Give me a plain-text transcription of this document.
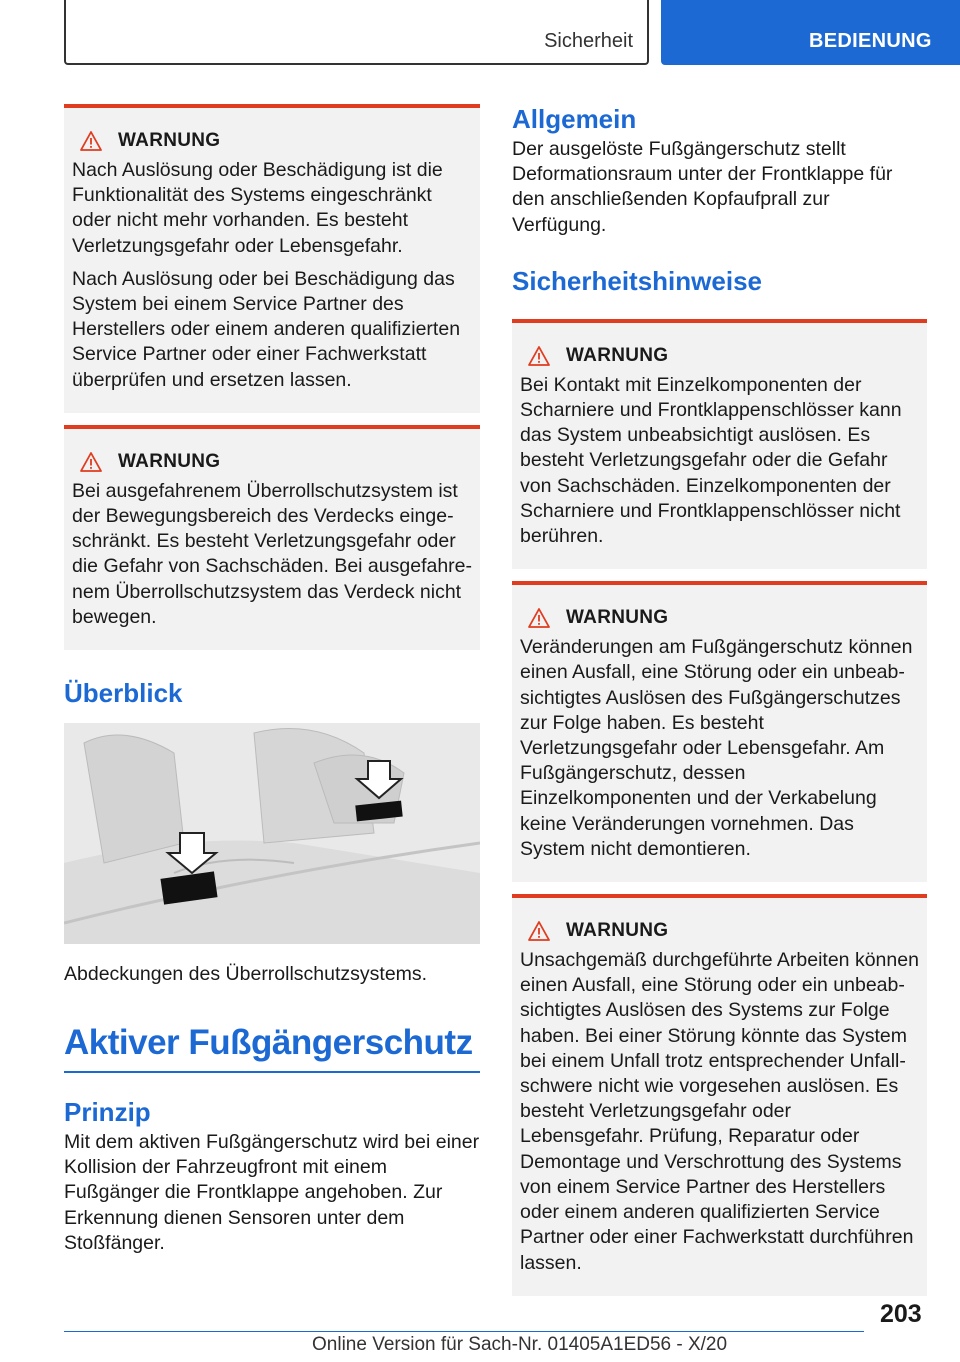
Sicherheit	BEDIENUNG
WARNUNG

Nach Auslösung oder Beschädigung ist die Funktionalität des Systems eingeschränkt oder nicht mehr vorhanden. Es besteht Verletzungsgefahr oder Lebensgefahr.

Nach Auslösung oder bei Beschädigung das System bei einem Service Partner des Herstellers oder einem anderen qualifizierten Service Partner oder einer Fachwerkstatt überprüfen und ersetzen lassen.

WARNUNG

Bei ausgefahrenem Überrollschutzsystem ist der Bewegungsbereich des Verdecks eingeschränkt. Es besteht Verletzungsgefahr oder die Gefahr von Sachschäden. Bei ausgefahrenem Überrollschutzsystem das Verdeck nicht bewegen.

Überblick

Abdeckungen des Überrollschutzsystems.

Aktiver Fußgängerschutz
Prinzip

Mit dem aktiven Fußgängerschutz wird bei einer Kollision der Fahrzeugfront mit einem Fußgänger die Frontklappe angehoben. Zur Erkennung dienen Sensoren unter dem Stoßfänger.

Allgemein

Der ausgelöste Fußgängerschutz stellt Deformationsraum unter der Frontklappe für den anschließenden Kopfaufprall zur Verfügung.

Sicherheitshinweise
WARNUNG

Bei Kontakt mit Einzelkomponenten der Scharniere und Frontklappenschlösser kann das System unbeabsichtigt auslösen. Es besteht Verletzungsgefahr oder die Gefahr von Sachschäden. Einzelkomponenten der Scharniere und Frontklappenschlösser nicht berühren.

WARNUNG

Veränderungen am Fußgängerschutz können einen Ausfall, eine Störung oder ein unbeabsichtigtes Auslösen des Fußgängerschutzes zur Folge haben. Es besteht Verletzungsgefahr oder Lebensgefahr. Am Fußgängerschutz, dessen Einzelkomponenten und der Verkabelung keine Veränderungen vornehmen. Das System nicht demontieren.

WARNUNG

Unsachgemäß durchgeführte Arbeiten können einen Ausfall, eine Störung oder ein unbeabsichtigtes Auslösen des Systems zur Folge haben. Bei einer Störung könnte das System bei einem Unfall trotz entsprechender Unfallschwere nicht wie vorgesehen auslösen. Es besteht Verletzungsgefahr oder Lebensgefahr. Prüfung, Reparatur oder Demontage und Verschrottung des Systems von einem Service Partner des Herstellers oder einem anderen qualifizierten Service Partner oder einer Fachwerkstatt durchführen lassen.

203
Online Version für Sach-Nr. 01405A1ED56 - X/20
